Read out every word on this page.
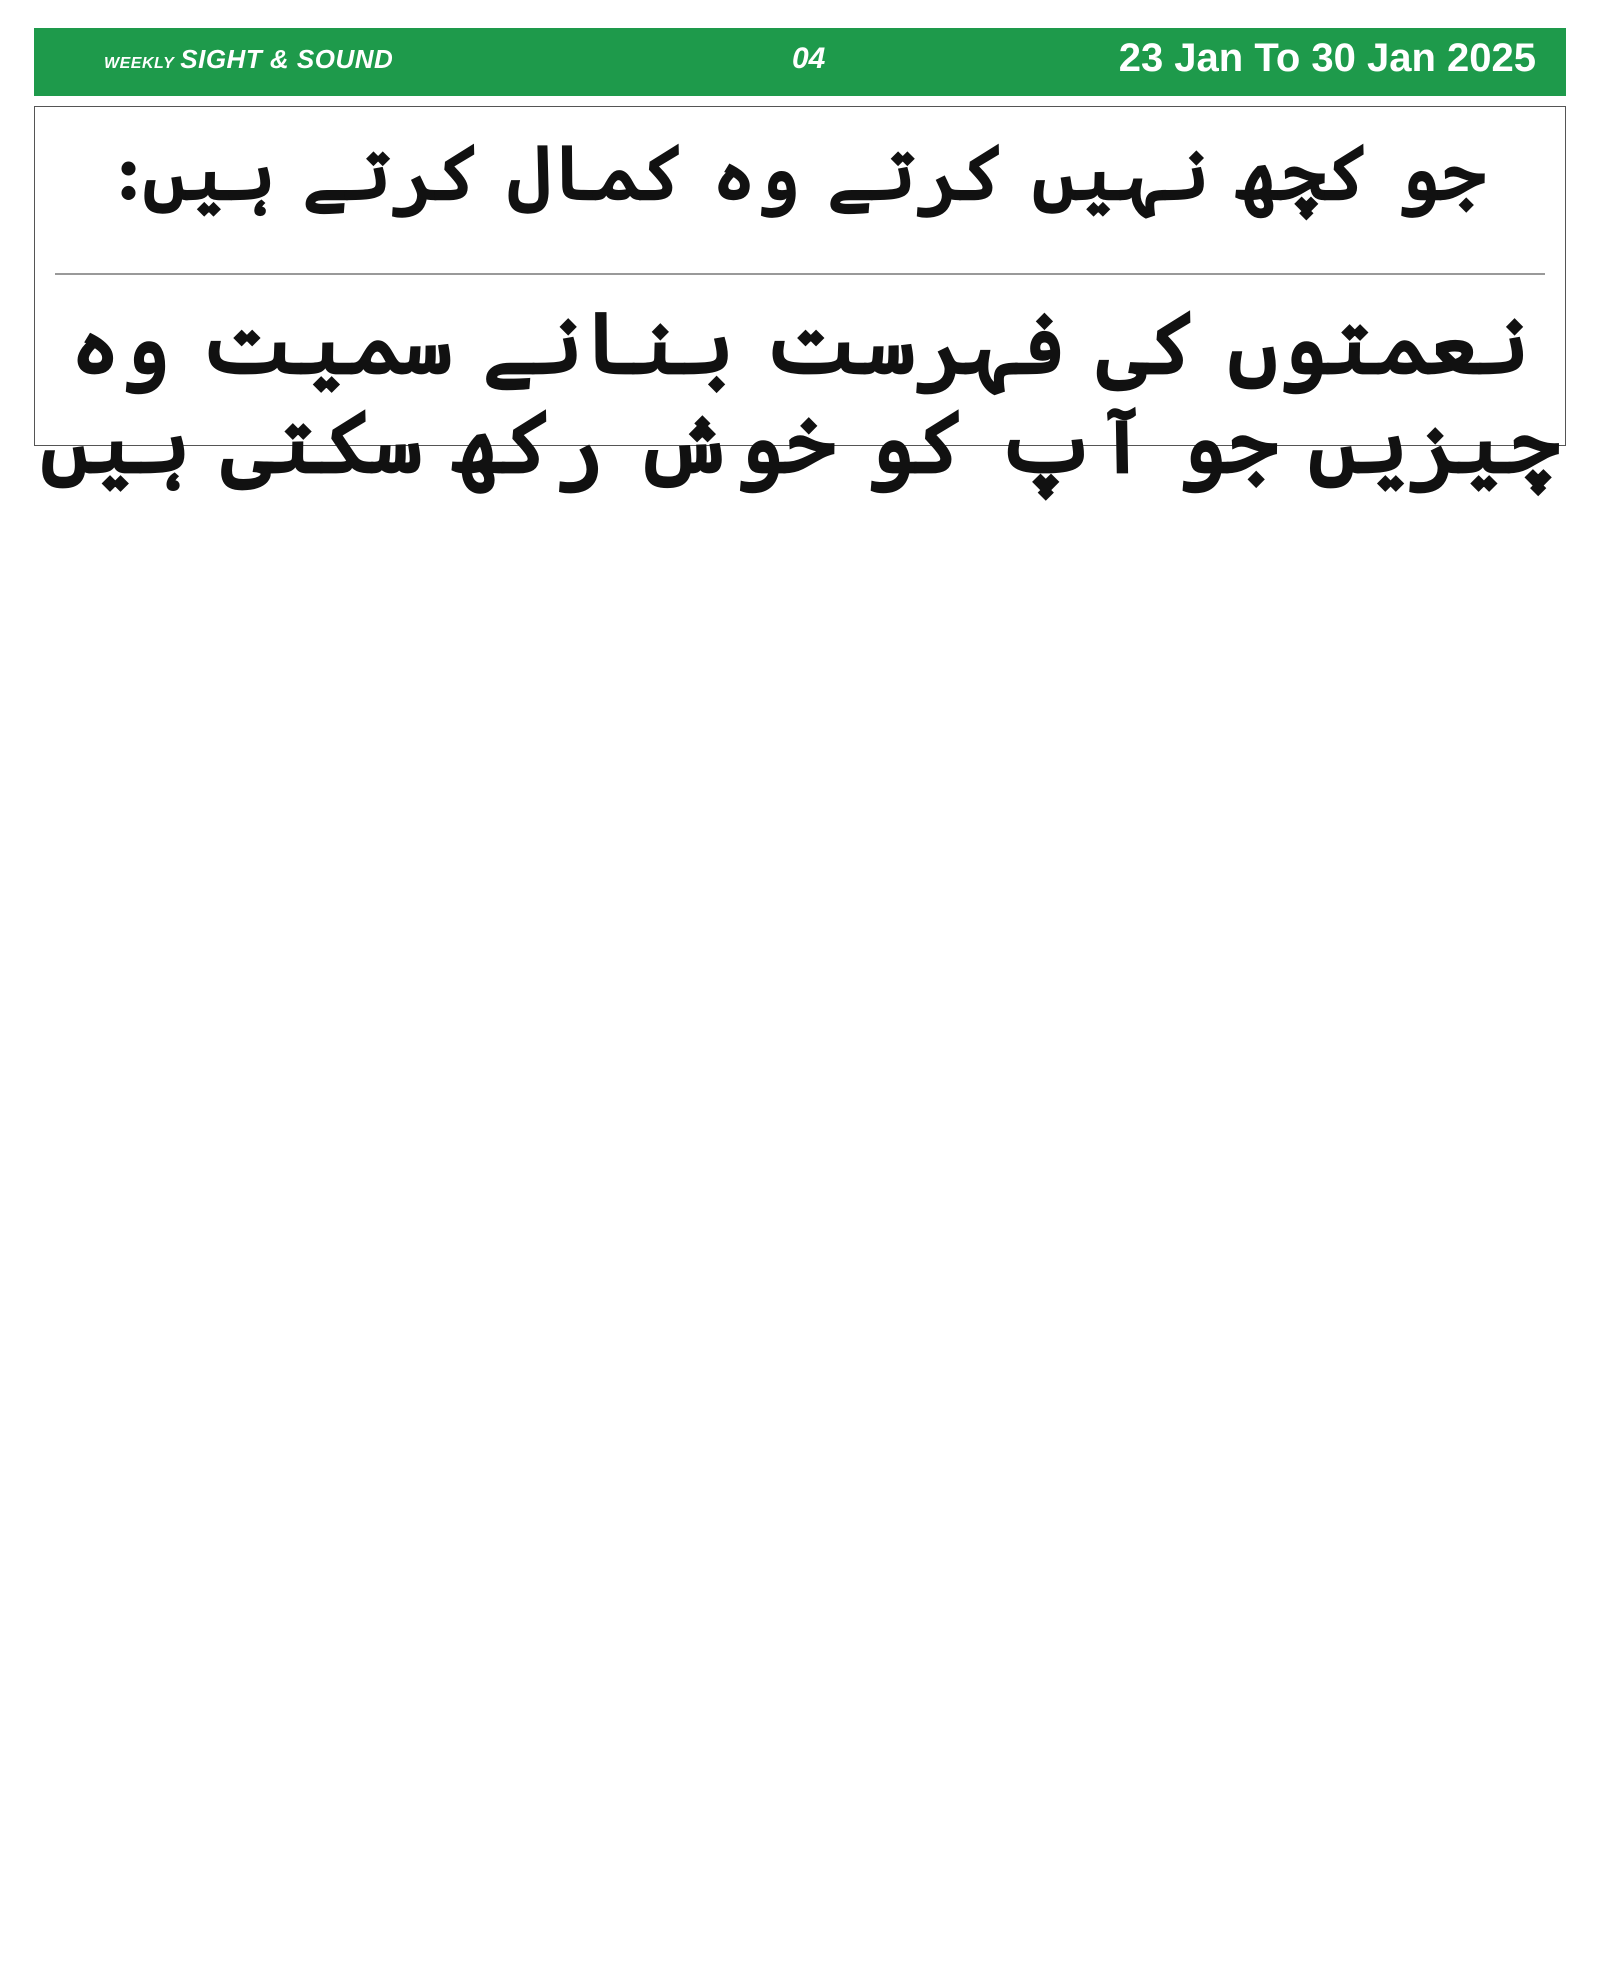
WEEKLY SIGHT & SOUND	04	23 Jan To 30 Jan 2025
جو کچھ نہیں کرتے وہ کمال کرتے ہیں:
نعمتوں کی فہرست بنانے سمیت وہ چیزیں جو آپ کو خوش رکھ سکتی ہیں
